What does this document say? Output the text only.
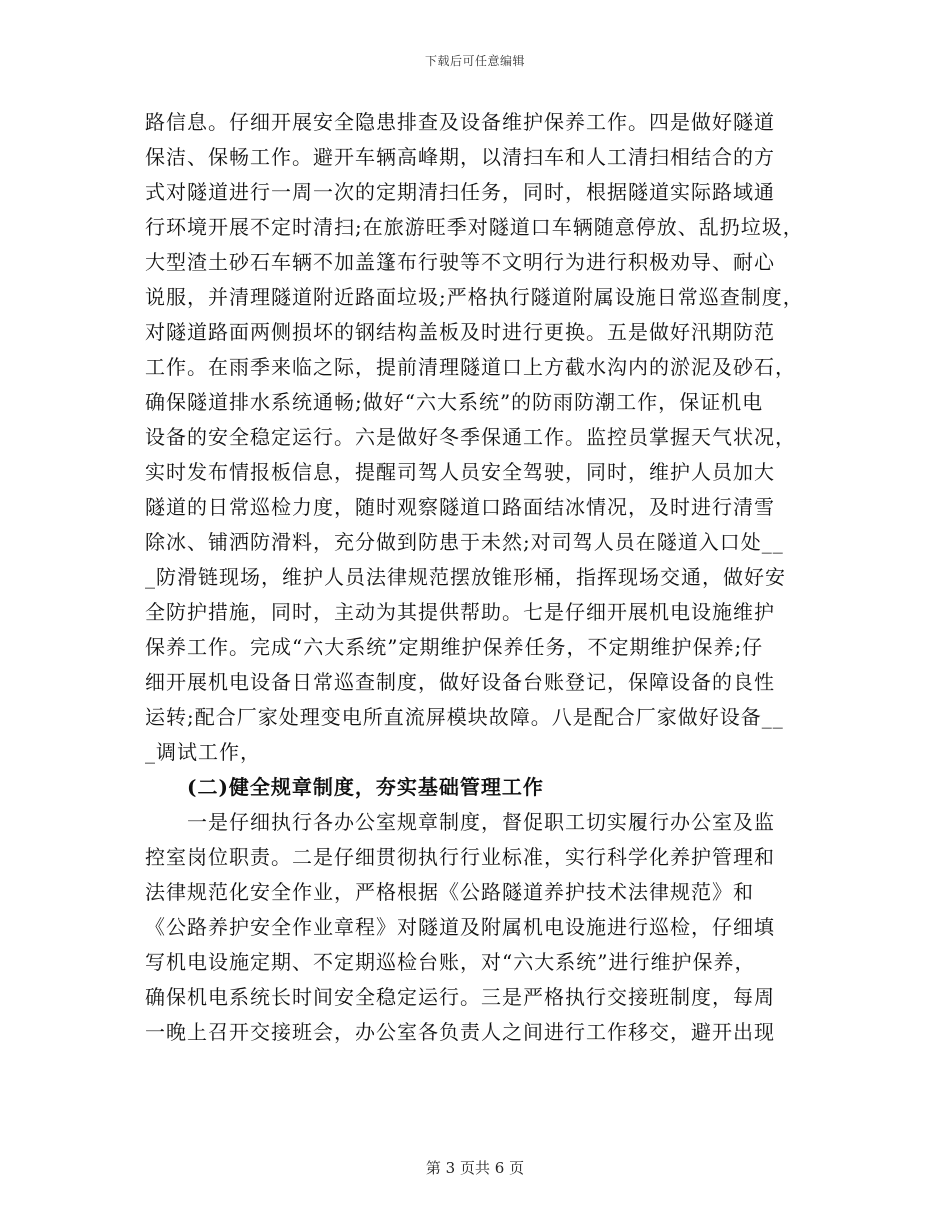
下载后可任意编辑
路信息。仔细开展安全隐患排查及设备维护保养工作。四是做好隧道
保洁、保畅工作。避开车辆高峰期，以清扫车和人工清扫相结合的方
式对隧道进行一周一次的定期清扫任务，同时，根据隧道实际路域通
行环境开展不定时清扫;在旅游旺季对隧道口车辆随意停放、乱扔垃圾，
大型渣土砂石车辆不加盖篷布行驶等不文明行为进行积极劝导、耐心
说服，并清理隧道附近路面垃圾;严格执行隧道附属设施日常巡查制度，
对隧道路面两侧损坏的钢结构盖板及时进行更换。五是做好汛期防范
工作。在雨季来临之际，提前清理隧道口上方截水沟内的淤泥及砂石，
确保隧道排水系统通畅;做好“六大系统”的防雨防潮工作，保证机电
设备的安全稳定运行。六是做好冬季保通工作。监控员掌握天气状况，
实时发布情报板信息，提醒司驾人员安全驾驶，同时，维护人员加大
隧道的日常巡检力度，随时观察隧道口路面结冰情况，及时进行清雪
除冰、铺洒防滑料，充分做到防患于未然;对司驾人员在隧道入口处__
_防滑链现场，维护人员法律规范摆放锥形桶，指挥现场交通，做好安
全防护措施，同时，主动为其提供帮助。七是仔细开展机电设施维护
保养工作。完成“六大系统”定期维护保养任务，不定期维护保养;仔
细开展机电设备日常巡查制度，做好设备台账登记，保障设备的良性
运转;配合厂家处理变电所直流屏模块故障。八是配合厂家做好设备__
_调试工作，
(二)健全规章制度，夯实基础管理工作
一是仔细执行各办公室规章制度，督促职工切实履行办公室及监
控室岗位职责。二是仔细贯彻执行行业标准，实行科学化养护管理和
法律规范化安全作业，严格根据《公路隧道养护技术法律规范》和
《公路养护安全作业章程》对隧道及附属机电设施进行巡检，仔细填
写机电设施定期、不定期巡检台账，对“六大系统”进行维护保养，
确保机电系统长时间安全稳定运行。三是严格执行交接班制度，每周
一晚上召开交接班会，办公室各负责人之间进行工作移交，避开出现
第 3 页共 6 页
